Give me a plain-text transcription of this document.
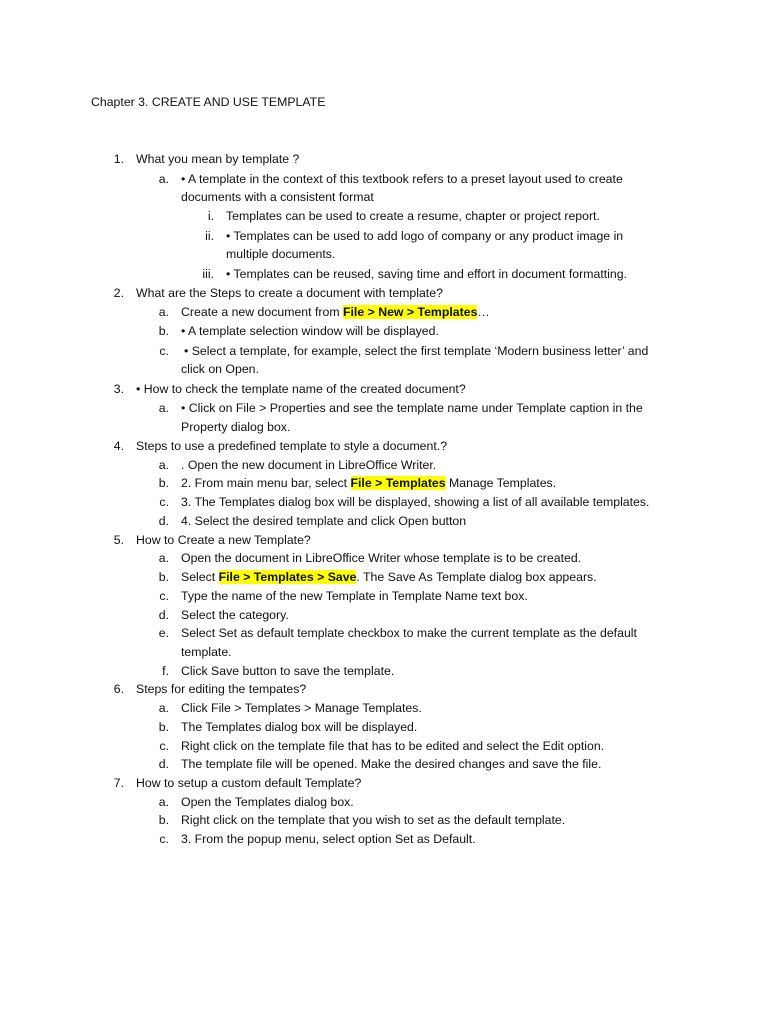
Chapter 3. CREATE AND USE TEMPLATE
1. What you mean by template ?
a. • A template in the context of this textbook refers to a preset layout used to create
documents with a consistent format
i. Templates can be used to create a resume, chapter or project report.
ii. • Templates can be used to add logo of company or any product image in
multiple documents.
iii. • Templates can be reused, saving time and effort in document formatting.
2. What are the Steps to create a document with template?
a. Create a new document from File > New > Templates…
b. • A template selection window will be displayed.
c. • Select a template, for example, select the first template ‘Modern business letter’ and
click on Open.
3. • How to check the template name of the created document?
a. • Click on File > Properties and see the template name under Template caption in the
Property dialog box.
4. Steps to use a predefined template to style a document.?
a. . Open the new document in LibreOffice Writer.
b. 2. From main menu bar, select File > Templates Manage Templates.
c. 3. The Templates dialog box will be displayed, showing a list of all available templates.
d. 4. Select the desired template and click Open button
5. How to Create a new Template?
a. Open the document in LibreOffice Writer whose template is to be created.
b. Select File > Templates > Save. The Save As Template dialog box appears.
c. Type the name of the new Template in Template Name text box.
d. Select the category.
e. Select Set as default template checkbox to make the current template as the default
template.
f. Click Save button to save the template.
6. Steps for editing the tempates?
a. Click File > Templates > Manage Templates.
b. The Templates dialog box will be displayed.
c. Right click on the template file that has to be edited and select the Edit option.
d. The template file will be opened. Make the desired changes and save the file.
7. How to setup a custom default Template?
a. Open the Templates dialog box.
b. Right click on the template that you wish to set as the default template.
c. 3. From the popup menu, select option Set as Default.
